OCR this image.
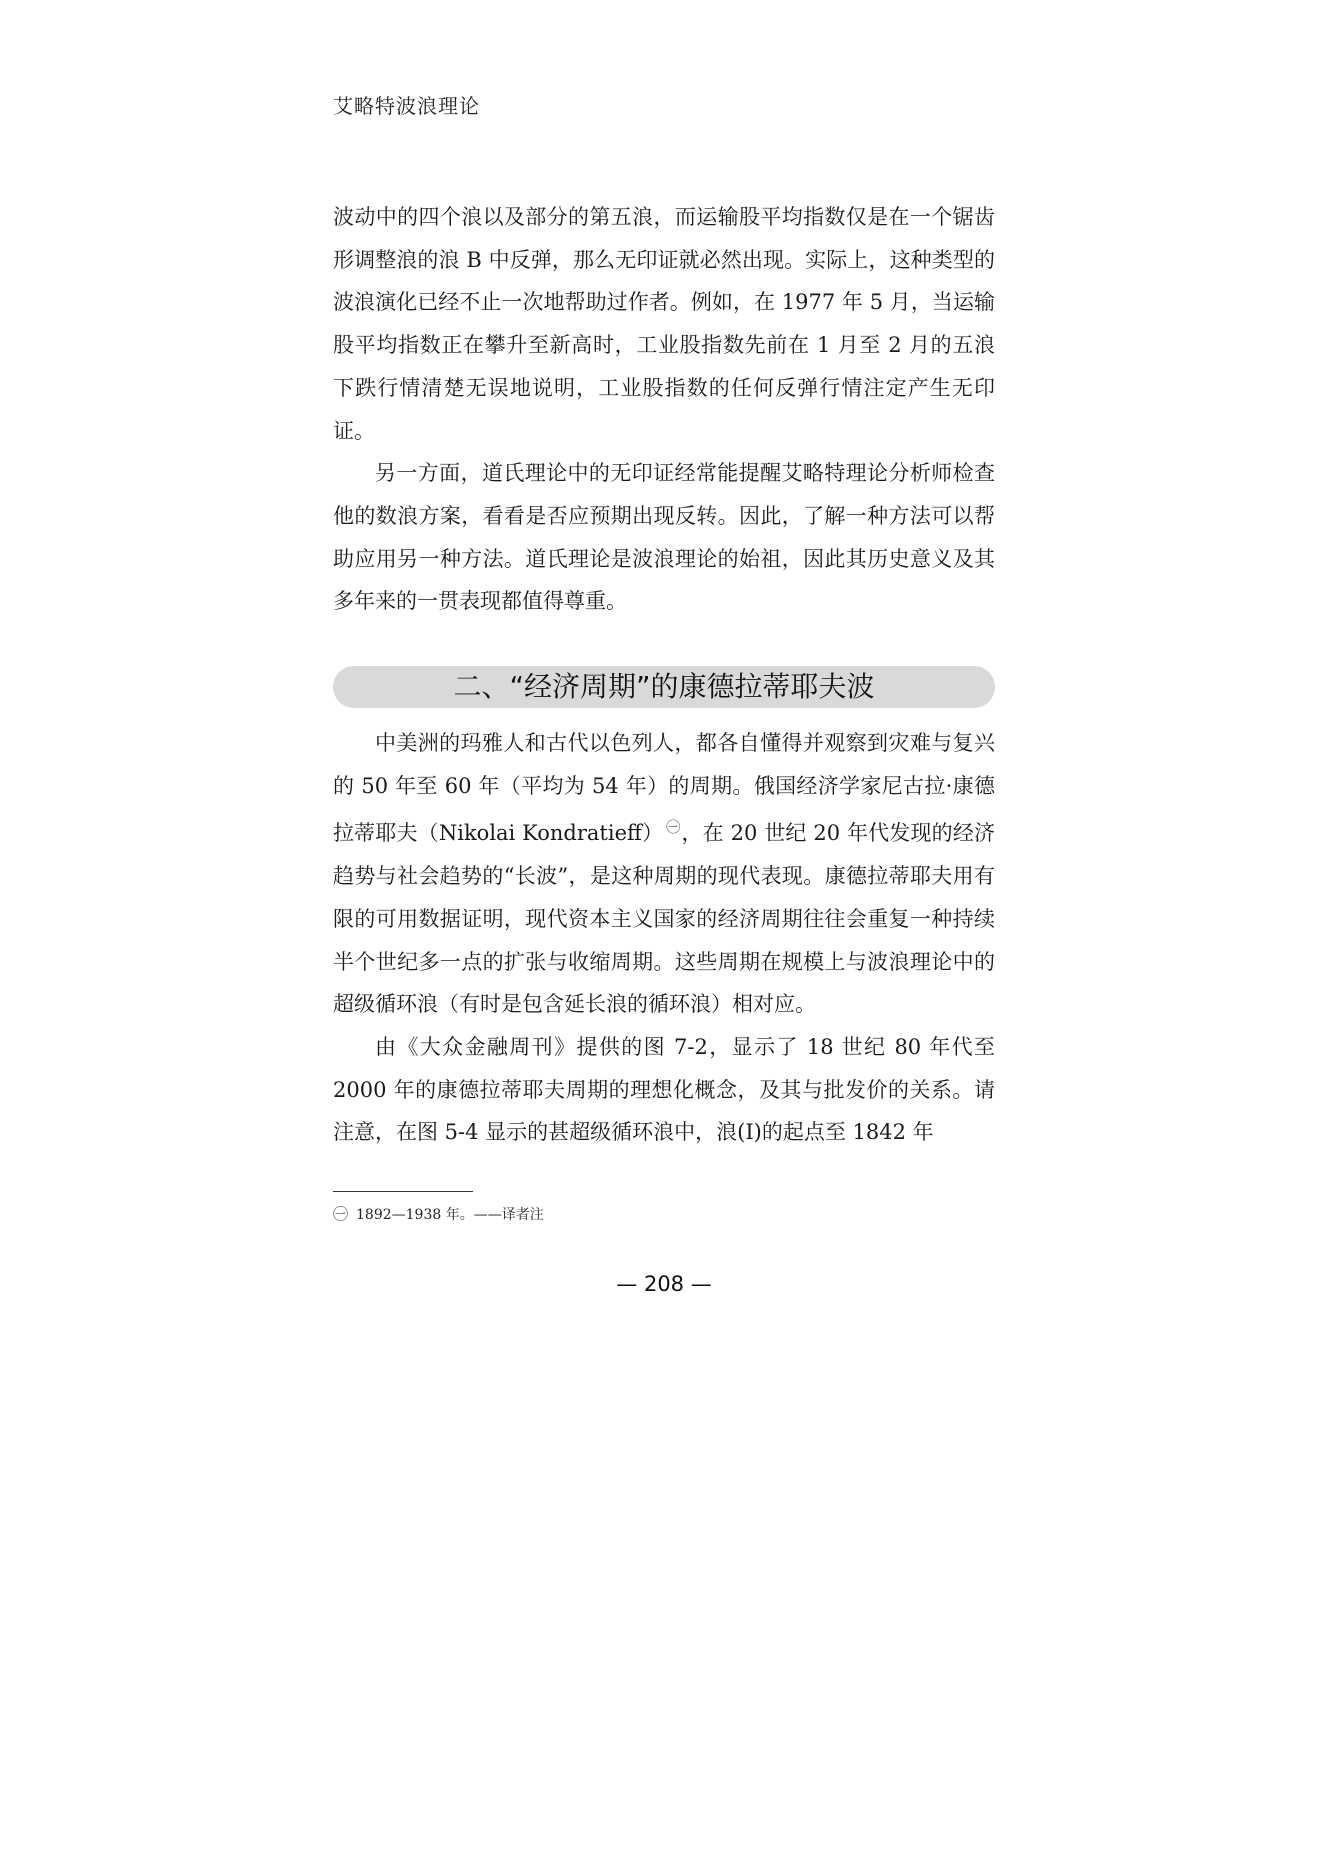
艾略特波浪理论

波动中的四个浪以及部分的第五浪，而运输股平均指数仅是在一个锯齿形调整浪的浪 B 中反弹，那么无印证就必然出现。实际上，这种类型的波浪演化已经不止一次地帮助过作者。例如，在 1977 年 5 月，当运输股平均指数正在攀升至新高时，工业股指数先前在 1 月至 2 月的五浪下跌行情清楚无误地说明，工业股指数的任何反弹行情注定产生无印证。

另一方面，道氏理论中的无印证经常能提醒艾略特理论分析师检查他的数浪方案，看看是否应预期出现反转。因此，了解一种方法可以帮助应用另一种方法。道氏理论是波浪理论的始祖，因此其历史意义及其多年来的一贯表现都值得尊重。

二、“经济周期”的康德拉蒂耶夫波

中美洲的玛雅人和古代以色列人，都各自懂得并观察到灾难与复兴的 50 年至 60 年（平均为 54 年）的周期。俄国经济学家尼古拉·康德拉蒂耶夫（Nikolai Kondratieff） $^㊀$，在 20 世纪 20 年代发现的经济趋势与社会趋势的“长波”，是这种周期的现代表现。康德拉蒂耶夫用有限的可用数据证明，现代资本主义国家的经济周期往往会重复一种持续半个世纪多一点的扩张与收缩周期。这些周期在规模上与波浪理论中的超级循环浪（有时是包含延长浪的循环浪）相对应。

由《大众金融周刊》提供的图 7-2，显示了 18 世纪 80 年代至 2000 年的康德拉蒂耶夫周期的理想化概念，及其与批发价的关系。请注意，在图 5-4 显示的甚超级循环浪中，浪(I)的起点至 1842 年

㊀ 1892—1938 年。——译者注
— 208 —
